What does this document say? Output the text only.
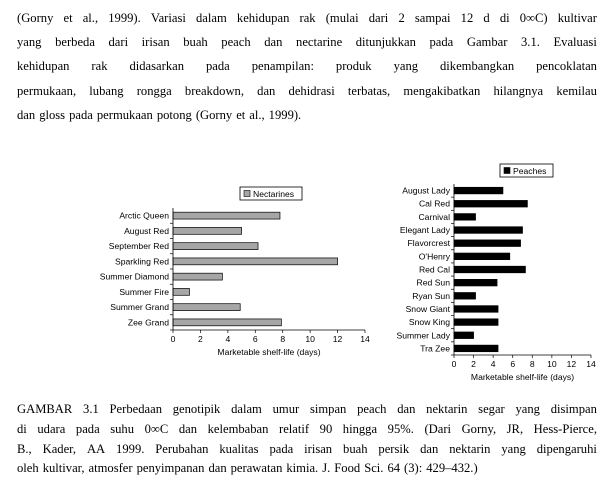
(Gorny et al., 1999). Variasi dalam kehidupan rak (mulai dari 2 sampai 12 d di 0∞C) kultivar
yang berbeda dari irisan buah peach dan nectarine ditunjukkan pada Gambar 3.1. Evaluasi
kehidupan rak didasarkan pada penampilan: produk yang dikembangkan pencoklatan
permukaan, lubang rongga breakdown, dan dehidrasi terbatas, mengakibatkan hilangnya kemilau
dan gloss pada permukaan potong (Gorny et al., 1999).
Nectarines
Arctic Queen
August Red
September Red
Sparkling Red
Summer Diamond
Summer Fire
Summer Grand
Zee Grand
0	2	4	6	8 10 12 14
Marketable shelf-life (days)
Peaches
August Lady
Cal Red
Carnival
Elegant Lady
Flavorcrest
O'Henry
Red Cal
Red Sun
Ryan Sun
Snow Giant
Snow King
Summer Lady
Tra Zee
0 2 4 6 8 10 12 14
Marketable shelf-life (days)
GAMBAR 3.1 Perbedaan genotipik dalam umur simpan peach dan nektarin segar yang disimpan
di udara pada suhu 0∞C dan kelembaban relatif 90 hingga 95%. (Dari Gorny, JR, Hess-Pierce,
B., Kader, AA 1999. Perubahan kualitas pada irisan buah persik dan nektarin yang dipengaruhi
oleh kultivar, atmosfer penyimpanan dan perawatan kimia. J. Food Sci. 64 (3): 429–432.)
